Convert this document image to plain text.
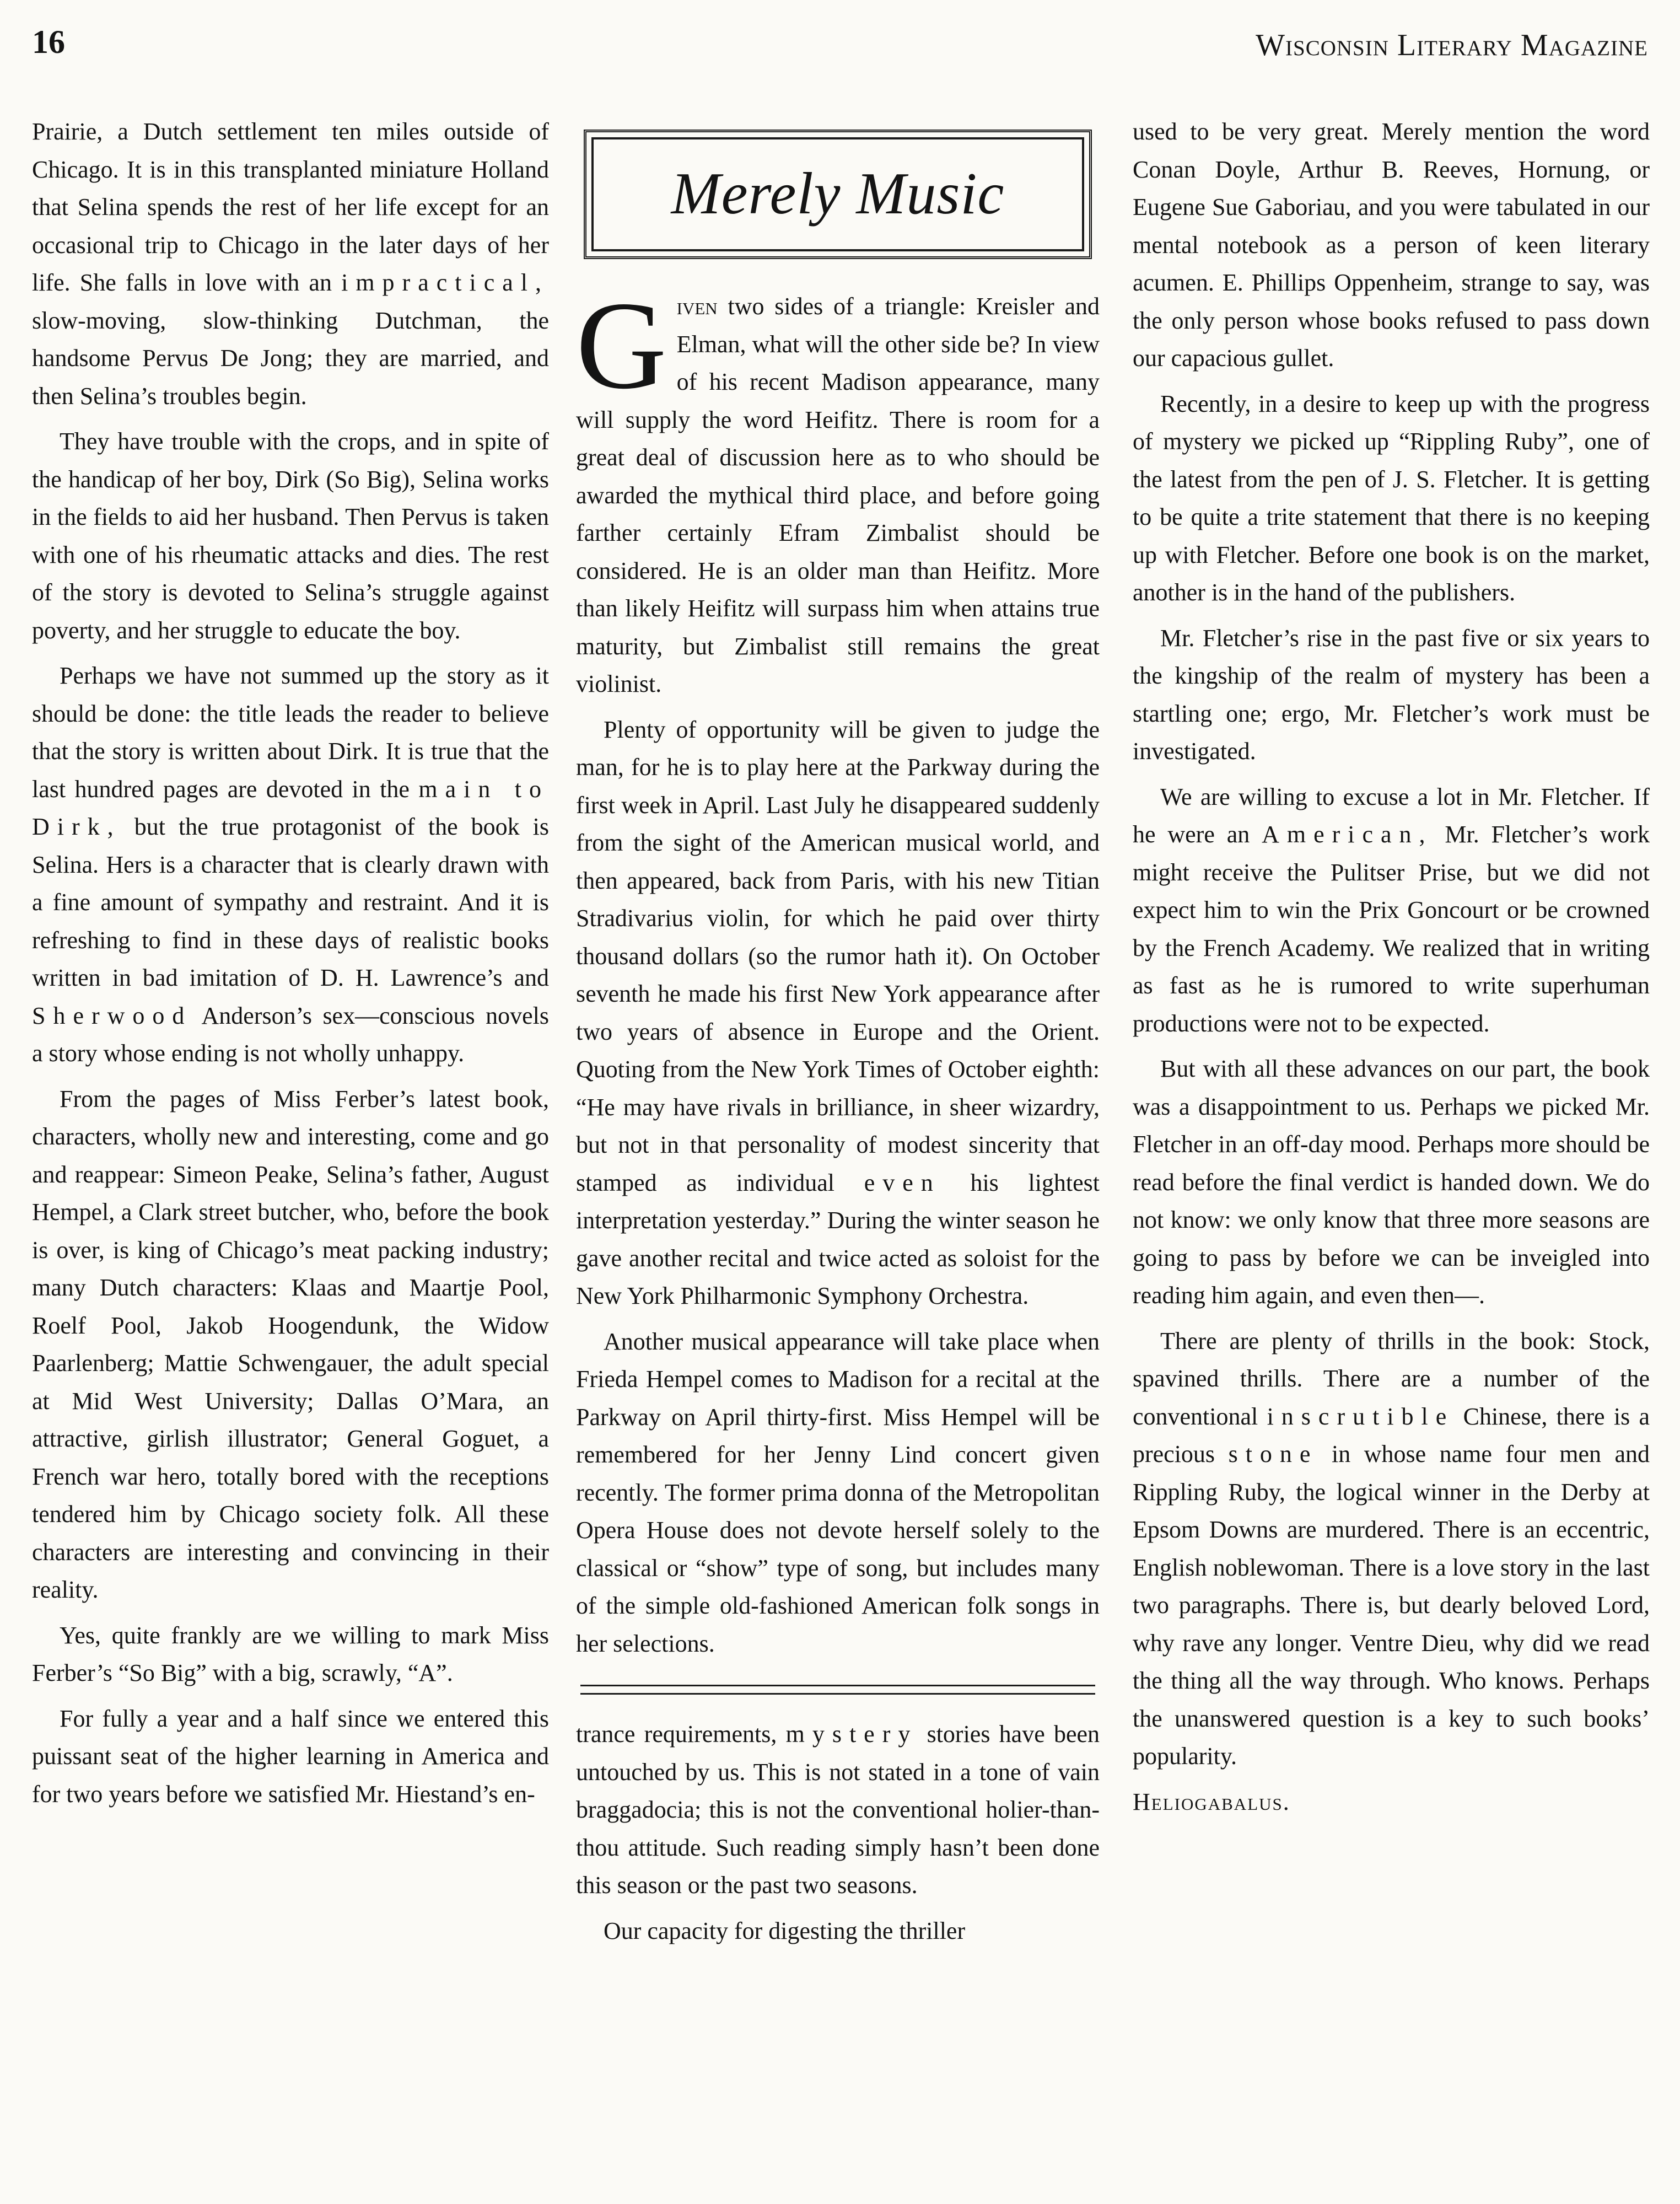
16	Wisconsin Literary Magazine

Prairie, a Dutch settlement ten miles outside of Chicago. It is in this transplanted miniature Holland that Selina spends the rest of her life except for an occasional trip to Chicago in the later days of her life. She falls in love with an impractical, slow-moving, slow-thinking Dutchman, the handsome Pervus De Jong; they are married, and then Selina’s troubles begin.

They have trouble with the crops, and in spite of the handicap of her boy, Dirk (So Big), Selina works in the fields to aid her husband. Then Pervus is taken with one of his rheumatic attacks and dies. The rest of the story is devoted to Selina’s struggle against poverty, and her struggle to educate the boy.

Perhaps we have not summed up the story as it should be done: the title leads the reader to believe that the story is written about Dirk. It is true that the last hundred pages are devoted in the main to Dirk, but the true protagonist of the book is Selina. Hers is a character that is clearly drawn with a fine amount of sympathy and restraint. And it is refreshing to find in these days of realistic books written in bad imitation of D. H. Lawrence’s and Sherwood Anderson’s sex—conscious novels a story whose ending is not wholly unhappy.

From the pages of Miss Ferber’s latest book, characters, wholly new and interesting, come and go and reappear: Simeon Peake, Selina’s father, August Hempel, a Clark street butcher, who, before the book is over, is king of Chicago’s meat packing industry; many Dutch characters: Klaas and Maartje Pool, Roelf Pool, Jakob Hoogendunk, the Widow Paarlenberg; Mattie Schwengauer, the adult special at Mid West University; Dallas O’Mara, an attractive, girlish illustrator; General Goguet, a French war hero, totally bored with the receptions tendered him by Chicago society folk. All these characters are interesting and convincing in their reality.

Yes, quite frankly are we willing to mark Miss Ferber’s “So Big” with a big, scrawly, “A”.

For fully a year and a half since we entered this puissant seat of the higher learning in America and for two years before we satisfied Mr. Hiestand’s en-

Merely Music

Given two sides of a triangle: Kreisler and Elman, what will the other side be? In view of his recent Madison appearance, many will supply the word Heifitz. There is room for a great deal of discussion here as to who should be awarded the mythical third place, and before going farther certainly Efram Zimbalist should be considered. He is an older man than Heifitz. More than likely Heifitz will surpass him when attains true maturity, but Zimbalist still remains the great violinist.

Plenty of opportunity will be given to judge the man, for he is to play here at the Parkway during the first week in April. Last July he disappeared suddenly from the sight of the American musical world, and then appeared, back from Paris, with his new Titian Stradivarius violin, for which he paid over thirty thousand dollars (so the rumor hath it). On October seventh he made his first New York appearance after two years of absence in Europe and the Orient. Quoting from the New York Times of October eighth: “He may have rivals in brilliance, in sheer wizardry, but not in that personality of modest sincerity that stamped as individual even his lightest interpretation yesterday.” During the winter season he gave another recital and twice acted as soloist for the New York Philharmonic Symphony Orchestra.

Another musical appearance will take place when Frieda Hempel comes to Madison for a recital at the Parkway on April thirty-first. Miss Hempel will be remembered for her Jenny Lind concert given recently. The former prima donna of the Metropolitan Opera House does not devote herself solely to the classical or “show” type of song, but includes many of the simple old-fashioned American folk songs in her selections.

trance requirements, mystery stories have been untouched by us. This is not stated in a tone of vain braggadocia; this is not the conventional holier-than-thou attitude. Such reading simply hasn’t been done this season or the past two seasons.

Our capacity for digesting the thriller

used to be very great. Merely mention the word Conan Doyle, Arthur B. Reeves, Hornung, or Eugene Sue Gaboriau, and you were tabulated in our mental notebook as a person of keen literary acumen. E. Phillips Oppenheim, strange to say, was the only person whose books refused to pass down our capacious gullet.

Recently, in a desire to keep up with the progress of mystery we picked up “Rippling Ruby”, one of the latest from the pen of J. S. Fletcher. It is getting to be quite a trite statement that there is no keeping up with Fletcher. Before one book is on the market, another is in the hand of the publishers.

Mr. Fletcher’s rise in the past five or six years to the kingship of the realm of mystery has been a startling one; ergo, Mr. Fletcher’s work must be investigated.

We are willing to excuse a lot in Mr. Fletcher. If he were an American, Mr. Fletcher’s work might receive the Pulitser Prise, but we did not expect him to win the Prix Goncourt or be crowned by the French Academy. We realized that in writing as fast as he is rumored to write superhuman productions were not to be expected.

But with all these advances on our part, the book was a disappointment to us. Perhaps we picked Mr. Fletcher in an off-day mood. Perhaps more should be read before the final verdict is handed down. We do not know: we only know that three more seasons are going to pass by before we can be inveigled into reading him again, and even then—.

There are plenty of thrills in the book: Stock, spavined thrills. There are a number of the conventional inscrutible Chinese, there is a precious stone in whose name four men and Rippling Ruby, the logical winner in the Derby at Epsom Downs are murdered. There is an eccentric, English noblewoman. There is a love story in the last two paragraphs. There is, but dearly beloved Lord, why rave any longer. Ventre Dieu, why did we read the thing all the way through. Who knows. Perhaps the unanswered question is a key to such books’ popularity.

Heliogabalus.
